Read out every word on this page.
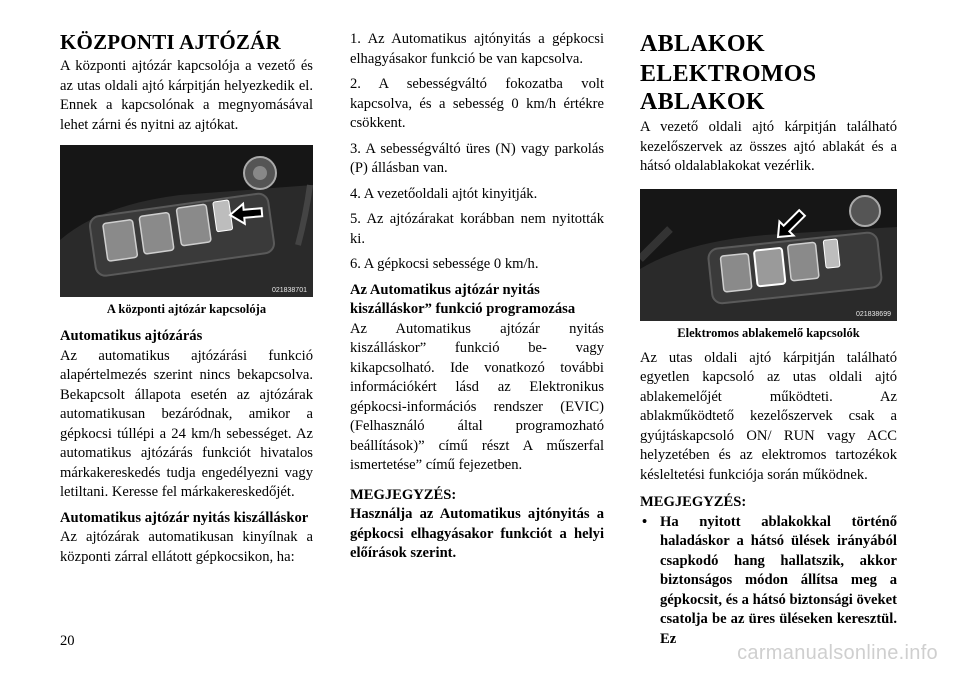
KÖZPONTI AJTÓZÁR

A központi ajtózár kapcsolója a vezető és az utas oldali ajtó kárpitján helyezkedik el. Ennek a kapcsolónak a megnyomásával lehet zárni és nyitni az ajtókat.

021838701
A központi ajtózár kapcsolója
Automatikus ajtózárás

Az automatikus ajtózárási funkció alapértelmezés szerint nincs bekapcsolva. Bekapcsolt állapota esetén az ajtózárak automatikusan bezáródnak, amikor a gépkocsi túllépi a 24 km/h sebességet. Az automatikus ajtózárás funkciót hivatalos márkakereskedés tudja engedélyezni vagy letiltani. Keresse fel márkakereskedőjét.

Automatikus ajtózár nyitás kiszálláskor

Az ajtózárak automatikusan kinyílnak a központi zárral ellátott gépkocsikon, ha:

1. Az Automatikus ajtónyitás a gépkocsi elhagyásakor funkció be van kapcsolva.

2. A sebességváltó fokozatba volt kapcsolva, és a sebesség 0 km/h értékre csökkent.

3. A sebességváltó üres (N) vagy parkolás (P) állásban van.

4. A vezetőoldali ajtót kinyitják.

5. Az ajtózárakat korábban nem nyitották ki.

6. A gépkocsi sebessége 0 km/h.

Az Automatikus ajtózár nyitás kiszálláskor” funkció programozása

Az Automatikus ajtózár nyitás kiszálláskor” funkció be- vagy kikapcsolható. Ide vonatkozó további információkért lásd az Elektronikus gépkocsi-információs rendszer (EVIC) (Felhasználó által programozható beállítások)” című részt A műszerfal ismertetése” című fejezetben.

MEGJEGYZÉS:

Használja az Automatikus ajtónyitás a gépkocsi elhagyásakor funkciót a helyi előírások szerint.

ABLAKOK
ELEKTROMOS ABLAKOK

A vezető oldali ajtó kárpitján található kezelőszervek az összes ajtó ablakát és a hátsó oldalablakokat vezérlik.

021838699
Elektromos ablakemelő kapcsolók

Az utas oldali ajtó kárpitján található egyetlen kapcsoló az utas oldali ajtó ablakemelőjét működteti. Az ablakműködtető kezelőszervek csak a gyújtáskapcsoló ON/ RUN vagy ACC helyzetében és az elektromos tartozékok késleltetési funkciója során működnek.

MEGJEGYZÉS:
• Ha nyitott ablakokkal történő haladáskor a hátsó ülések irányából csapkodó hang hallatszik, akkor biztonságos módon állítsa meg a gépkocsit, és a hátsó biztonsági öveket csatolja be az üres üléseken keresztül. Ez
20
carmanualsonline.info
